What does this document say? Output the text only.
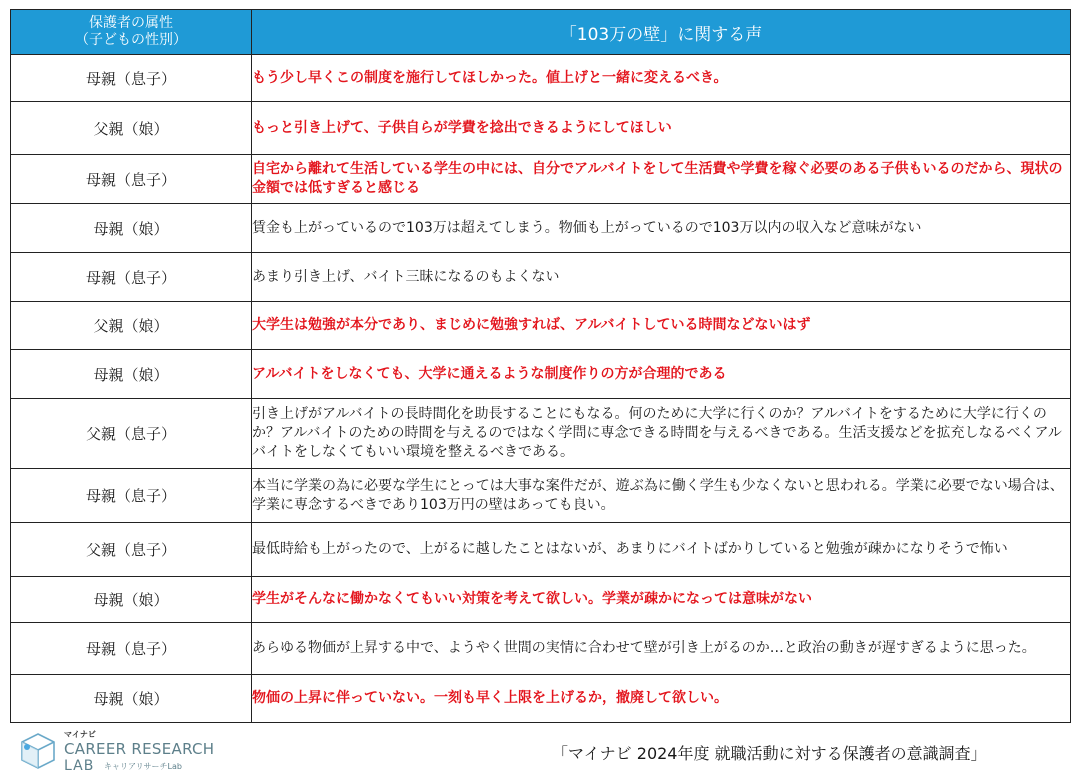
保護者の属性
（子どもの性別）	「103万の壁」に関する声
母親（息子）	もう少し早くこの制度を施行してほしかった。値上げと一緒に変えるべき。
父親（娘）	もっと引き上げて、子供自らが学費を捻出できるようにしてほしい
母親（息子）	自宅から離れて生活している学生の中には、自分でアルバイトをして生活費や学費を稼ぐ必要のある子供もいるのだから、現状の金額では低すぎると感じる
母親（娘）	賃金も上がっているので103万は超えてしまう。物価も上がっているので103万以内の収入など意味がない
母親（息子）	あまり引き上げ、バイト三昧になるのもよくない
父親（娘）	大学生は勉強が本分であり、まじめに勉強すれば、アルバイトしている時間などないはず
母親（娘）	アルバイトをしなくても、大学に通えるような制度作りの方が合理的である
父親（息子）	引き上げがアルバイトの長時間化を助長することにもなる。何のために大学に行くのか？アルバイトをするために大学に行くのか？アルバイトのための時間を与えるのではなく学問に専念できる時間を与えるべきである。生活支援などを拡充しなるべくアルバイトをしなくてもいい環境を整えるべきである。
母親（息子）	本当に学業の為に必要な学生にとっては大事な案件だが、遊ぶ為に働く学生も少なくないと思われる。学業に必要でない場合は、学業に専念するべきであり103万円の壁はあっても良い。
父親（息子）	最低時給も上がったので、上がるに越したことはないが、あまりにバイトばかりしていると勉強が疎かになりそうで怖い
母親（娘）	学生がそんなに働かなくてもいい対策を考えて欲しい。学業が疎かになっては意味がない
母親（息子）	あらゆる物価が上昇する中で、ようやく世間の実情に合わせて壁が引き上がるのか…と政治の動きが遅すぎるように思った。
母親（娘）	物価の上昇に伴っていない。一刻も早く上限を上げるか，撤廃して欲しい。
マイナビ
CAREER RESEARCH
LAB キャリアリサーチLab
「マイナビ 2024年度 就職活動に対する保護者の意識調査」
